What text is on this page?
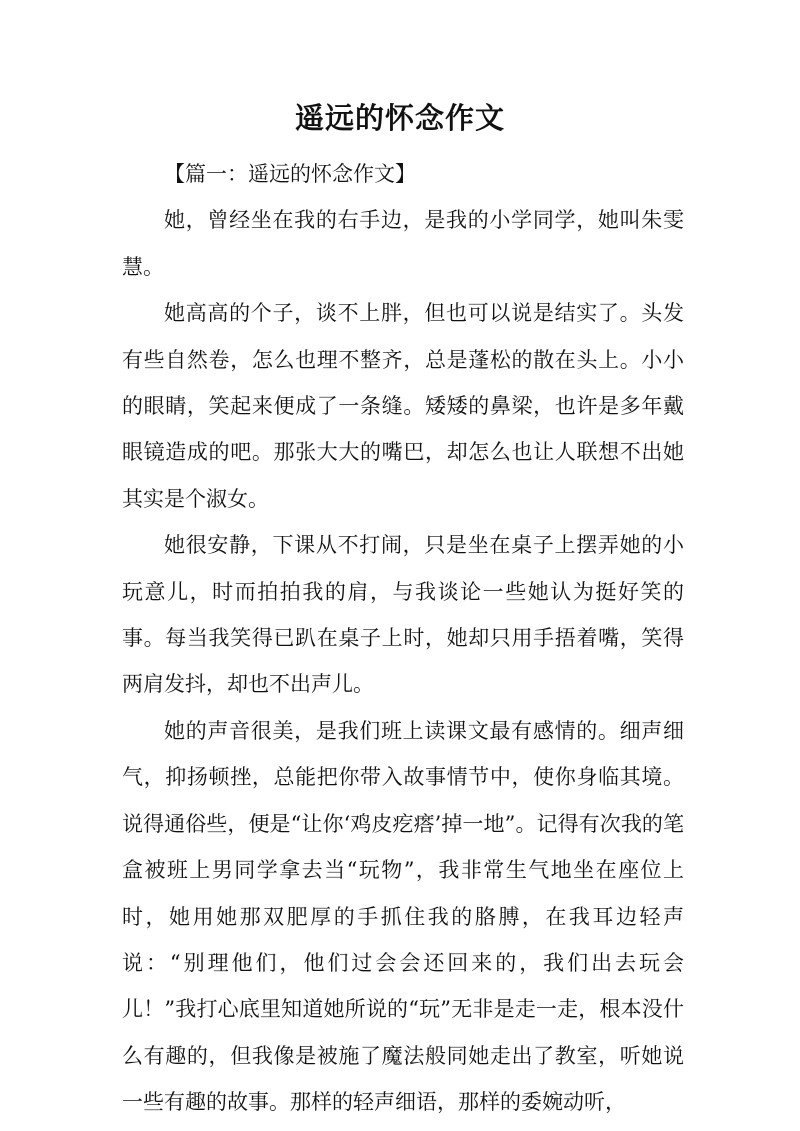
遥远的怀念作文

【篇一：遥远的怀念作文】

她，曾经坐在我的右手边，是我的小学同学，她叫朱雯慧。

她高高的个子，谈不上胖，但也可以说是结实了。头发有些自然卷，怎么也理不整齐，总是蓬松的散在头上。小小的眼睛，笑起来便成了一条缝。矮矮的鼻梁，也许是多年戴眼镜造成的吧。那张大大的嘴巴，却怎么也让人联想不出她其实是个淑女。

她很安静，下课从不打闹，只是坐在桌子上摆弄她的小玩意儿，时而拍拍我的肩，与我谈论一些她认为挺好笑的事。每当我笑得已趴在桌子上时，她却只用手捂着嘴，笑得两肩发抖，却也不出声儿。

她的声音很美，是我们班上读课文最有感情的。细声细气，抑扬顿挫，总能把你带入故事情节中，使你身临其境。说得通俗些，便是“让你‘鸡皮疙瘩’掉一地”。记得有次我的笔盒被班上男同学拿去当“玩物”，我非常生气地坐在座位上时，她用她那双肥厚的手抓住我的胳膊，在我耳边轻声说：“别理他们，他们过会会还回来的，我们出去玩会儿！”我打心底里知道她所说的“玩”无非是走一走，根本没什么有趣的，但我像是被施了魔法般同她走出了教室，听她说一些有趣的故事。那样的轻声细语，那样的委婉动听，
